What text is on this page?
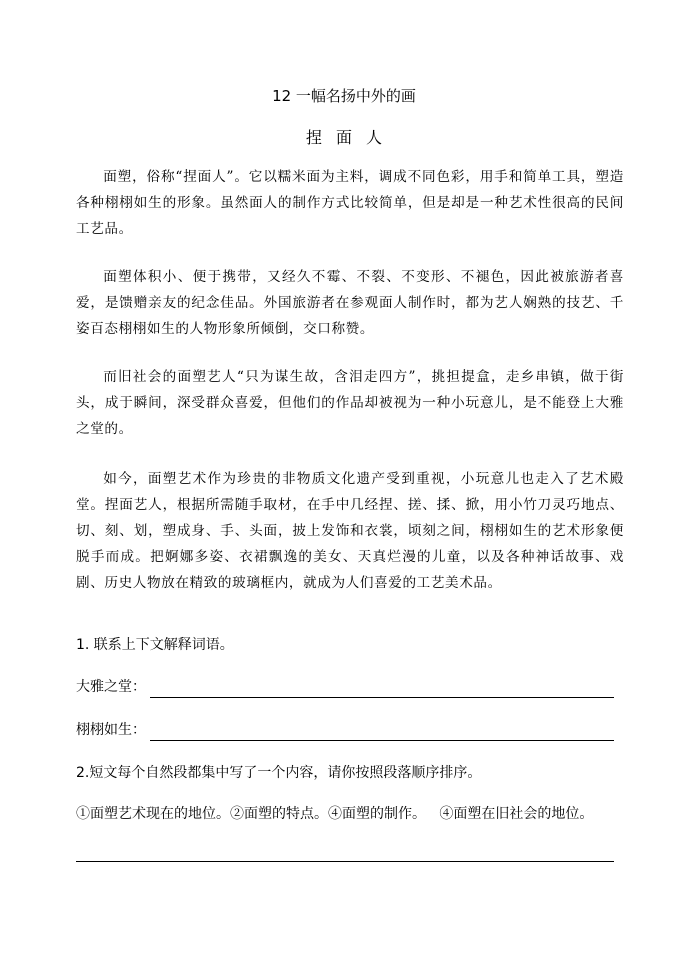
12 一幅名扬中外的画
捏面人

面塑，俗称“捏面人”。它以糯米面为主料，调成不同色彩，用手和简单工具，塑造各种栩栩如生的形象。虽然面人的制作方式比较简单，但是却是一种艺术性很高的民间工艺品。

面塑体积小、便于携带，又经久不霉、不裂、不变形、不褪色，因此被旅游者喜爱，是馈赠亲友的纪念佳品。外国旅游者在参观面人制作时，都为艺人娴熟的技艺、千姿百态栩栩如生的人物形象所倾倒，交口称赞。

而旧社会的面塑艺人“只为谋生故，含泪走四方”，挑担提盒，走乡串镇，做于街头，成于瞬间，深受群众喜爱，但他们的作品却被视为一种小玩意儿，是不能登上大雅之堂的。

如今，面塑艺术作为珍贵的非物质文化遗产受到重视，小玩意儿也走入了艺术殿堂。捏面艺人，根据所需随手取材，在手中几经捏、搓、揉、掀，用小竹刀灵巧地点、切、刻、划，塑成身、手、头面，披上发饰和衣裳，顷刻之间，栩栩如生的艺术形象便脱手而成。把婀娜多姿、衣裙飘逸的美女、天真烂漫的儿童，以及各种神话故事、戏剧、历史人物放在精致的玻璃框内，就成为人们喜爱的工艺美术品。

1. 联系上下文解释词语。

大雅之堂：
栩栩如生：

2.短文每个自然段都集中写了一个内容，请你按照段落顺序排序。

①面塑艺术现在的地位。②面塑的特点。④面塑的制作。   ④面塑在旧社会的地位。
